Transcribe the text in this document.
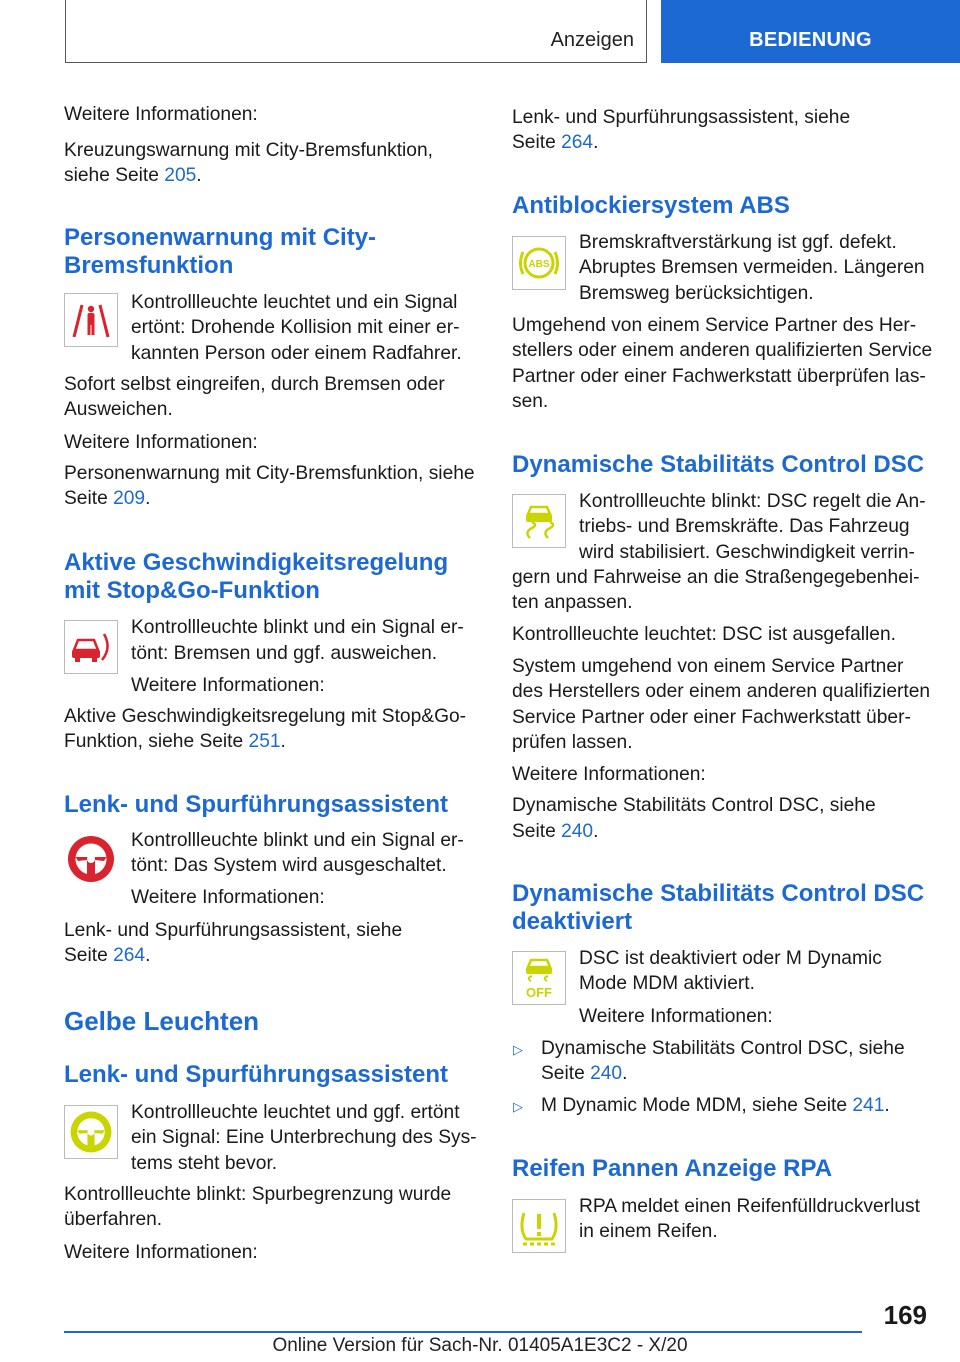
Anzeigen	BEDIENUNG

Weitere Informationen:

Kreuzungswarnung mit City-Bremsfunktion,

siehe Seite 205.

Personenwarnung mit City-
Bremsfunktion

Kontrollleuchte leuchtet und ein Signal

ertönt: Drohende Kollision mit einer er‐

kannten Person oder einem Radfahrer.

Sofort selbst eingreifen, durch Bremsen oder

Ausweichen.

Weitere Informationen:

Personenwarnung mit City-Bremsfunktion, siehe

Seite 209.

Aktive Geschwindigkeitsregelung
mit Stop&Go-Funktion

Kontrollleuchte blinkt und ein Signal er‐

tönt: Bremsen und ggf. ausweichen.

Weitere Informationen:

Aktive Geschwindigkeitsregelung mit Stop&Go-

Funktion, siehe Seite 251.

Lenk- und Spurführungsassistent

Kontrollleuchte blinkt und ein Signal er‐

tönt: Das System wird ausgeschaltet.

Weitere Informationen:

Lenk- und Spurführungsassistent, siehe

Seite 264.

Gelbe Leuchten
Lenk- und Spurführungsassistent

Kontrollleuchte leuchtet und ggf. ertönt

ein Signal: Eine Unterbrechung des Sys‐

tems steht bevor.

Kontrollleuchte blinkt: Spurbegrenzung wurde

überfahren.

Weitere Informationen:

Lenk- und Spurführungsassistent, siehe

Seite 264.

Antiblockiersystem ABS
ABS

Bremskraftverstärkung ist ggf. defekt.

Abruptes Bremsen vermeiden. Längeren

Bremsweg berücksichtigen.

Umgehend von einem Service Partner des Her‐

stellers oder einem anderen qualifizierten Service

Partner oder einer Fachwerkstatt überprüfen las‐

sen.

Dynamische Stabilitäts Control DSC

Kontrollleuchte blinkt: DSC regelt die An‐

triebs- und Bremskräfte. Das Fahrzeug

wird stabilisiert. Geschwindigkeit verrin‐

gern und Fahrweise an die Straßengegebenhei‐

ten anpassen.

Kontrollleuchte leuchtet: DSC ist ausgefallen.

System umgehend von einem Service Partner

des Herstellers oder einem anderen qualifizierten

Service Partner oder einer Fachwerkstatt über‐

prüfen lassen.

Weitere Informationen:

Dynamische Stabilitäts Control DSC, siehe

Seite 240.

Dynamische Stabilitäts Control DSC
deaktiviert
OFF

DSC ist deaktiviert oder M Dynamic

Mode MDM aktiviert.

Weitere Informationen:

▷ Dynamische Stabilitäts Control DSC, siehe

Seite 240.

▷ M Dynamic Mode MDM, siehe Seite 241.

Reifen Pannen Anzeige RPA

RPA meldet einen Reifenfülldruckverlust

in einem Reifen.

169
Online Version für Sach-Nr. 01405A1E3C2 - X/20
